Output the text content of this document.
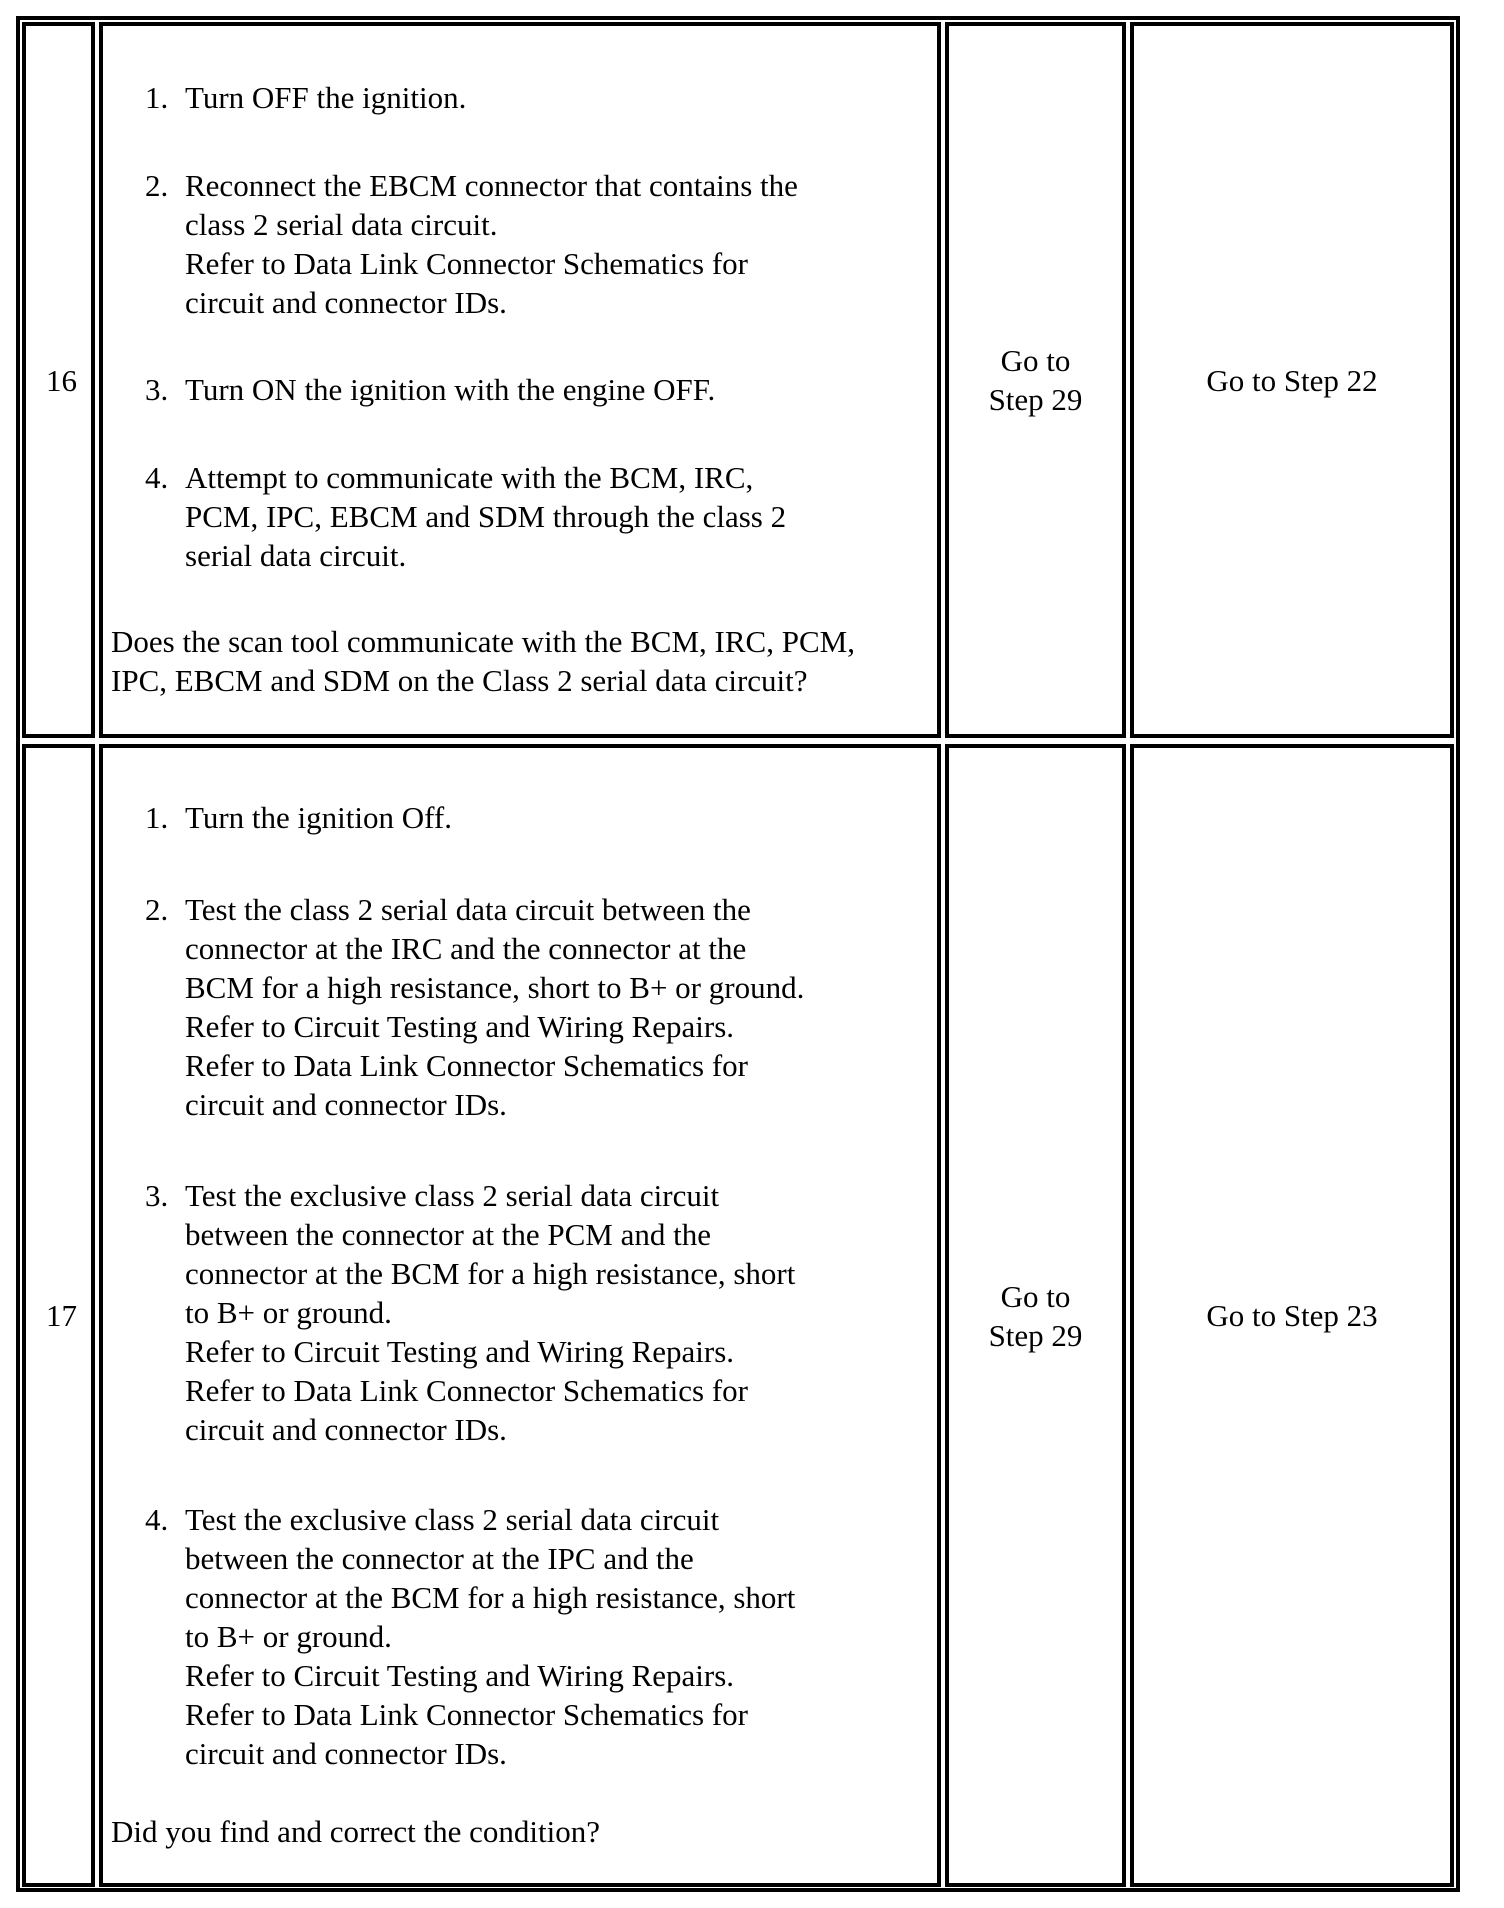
16
1. Turn OFF the ignition.
2. Reconnect the EBCM connector that contains the
class 2 serial data circuit.
Refer to Data Link Connector Schematics for
circuit and connector IDs.
3. Turn ON the ignition with the engine OFF.
4. Attempt to communicate with the BCM, IRC,
PCM, IPC, EBCM and SDM through the class 2
serial data circuit.
Does the scan tool communicate with the BCM, IRC, PCM,
IPC, EBCM and SDM on the Class 2 serial data circuit?
Go to
Step 29
Go to Step 22
17
1. Turn the ignition Off.
2. Test the class 2 serial data circuit between the
connector at the IRC and the connector at the
BCM for a high resistance, short to B+ or ground.
Refer to Circuit Testing and Wiring Repairs.
Refer to Data Link Connector Schematics for
circuit and connector IDs.
3. Test the exclusive class 2 serial data circuit
between the connector at the PCM and the
connector at the BCM for a high resistance, short
to B+ or ground.
Refer to Circuit Testing and Wiring Repairs.
Refer to Data Link Connector Schematics for
circuit and connector IDs.
4. Test the exclusive class 2 serial data circuit
between the connector at the IPC and the
connector at the BCM for a high resistance, short
to B+ or ground.
Refer to Circuit Testing and Wiring Repairs.
Refer to Data Link Connector Schematics for
circuit and connector IDs.
Did you find and correct the condition?
Go to
Step 29
Go to Step 23
